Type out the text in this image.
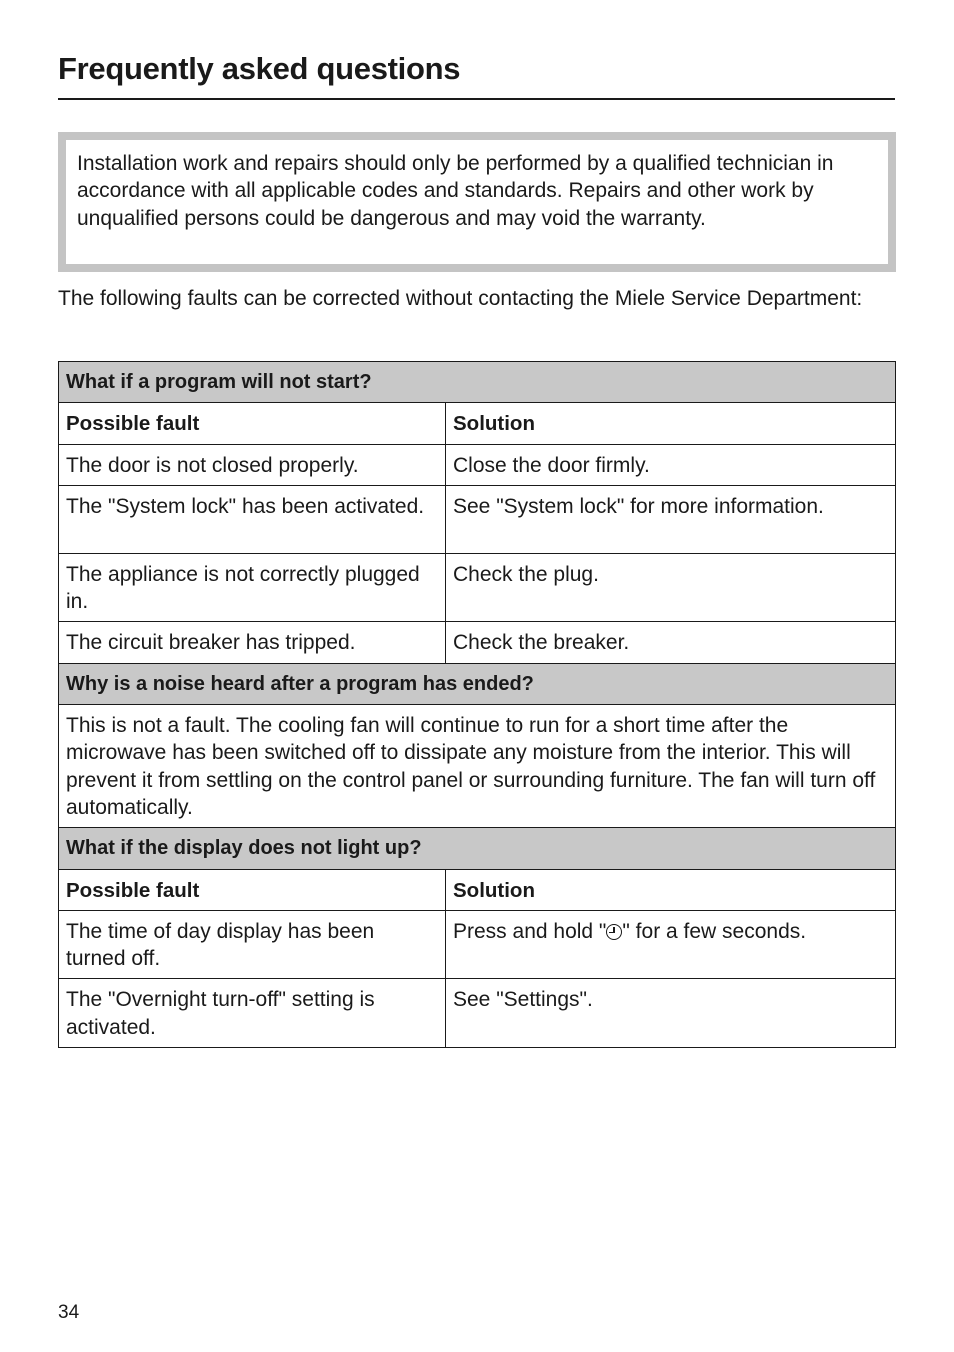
Frequently asked questions

Installation work and repairs should only be performed by a qualified technician in accordance with all applicable codes and standards. Repairs and other work by unqualified persons could be dangerous and may void the warranty.

The following faults can be corrected without contacting the Miele Service Department:

What if a program will not start?	
Possible fault	Solution
The door is not closed properly.	Close the door firmly.
The "System lock" has been activated.	See "System lock" for more information.
The appliance is not correctly plugged in.	Check the plug.
The circuit breaker has tripped.	Check the breaker.
Why is a noise heard after a program has ended?	
This is not a fault. The cooling fan will continue to run for a short time after the microwave has been switched off to dissipate any moisture from the interior. This will prevent it from settling on the control panel or surrounding furniture. The fan will turn off automatically.	
What if the display does not light up?	
Possible fault	Solution
The time of day display has been turned off.	Press and hold " " for a few seconds.
The "Overnight turn-off" setting is activated.	See "Settings".
34
